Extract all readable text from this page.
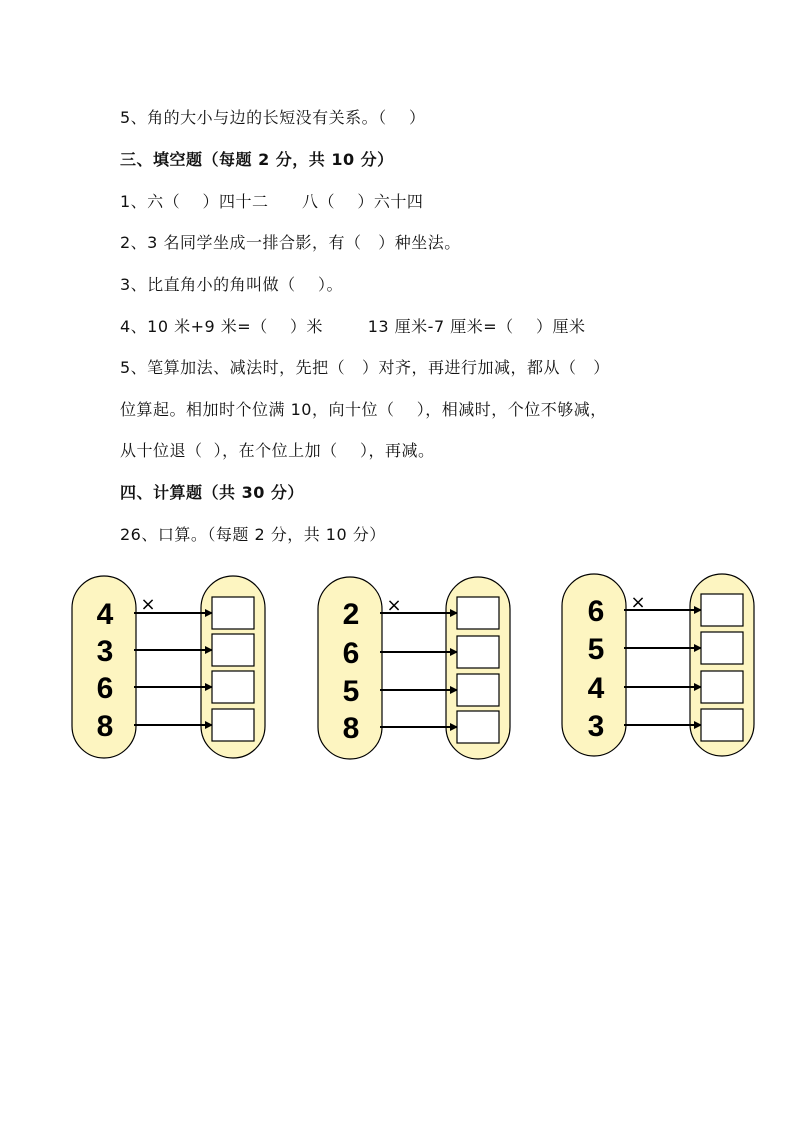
5、角的大小与边的长短没有关系。（    ）
三、填空题（每题 2 分，共 10 分）
1、六（    ）四十二      八（    ）六十四
2、3 名同学坐成一排合影，有（   ）种坐法。
3、比直角小的角叫做（    ）。
4、10 米+9 米=（    ）米        13 厘米-7 厘米=（    ）厘米
5、笔算加法、减法时，先把（   ）对齐，再进行加减，都从（   ）
位算起。相加时个位满 10，向十位（    ），相减时，个位不够减，
从十位退（  ），在个位上加（    ），再减。
四、计算题（共 30 分）
26、口算。（每题 2 分，共 10 分）
×
4
3
6
8
×
2
6
5
8
×
6
5
4
3
